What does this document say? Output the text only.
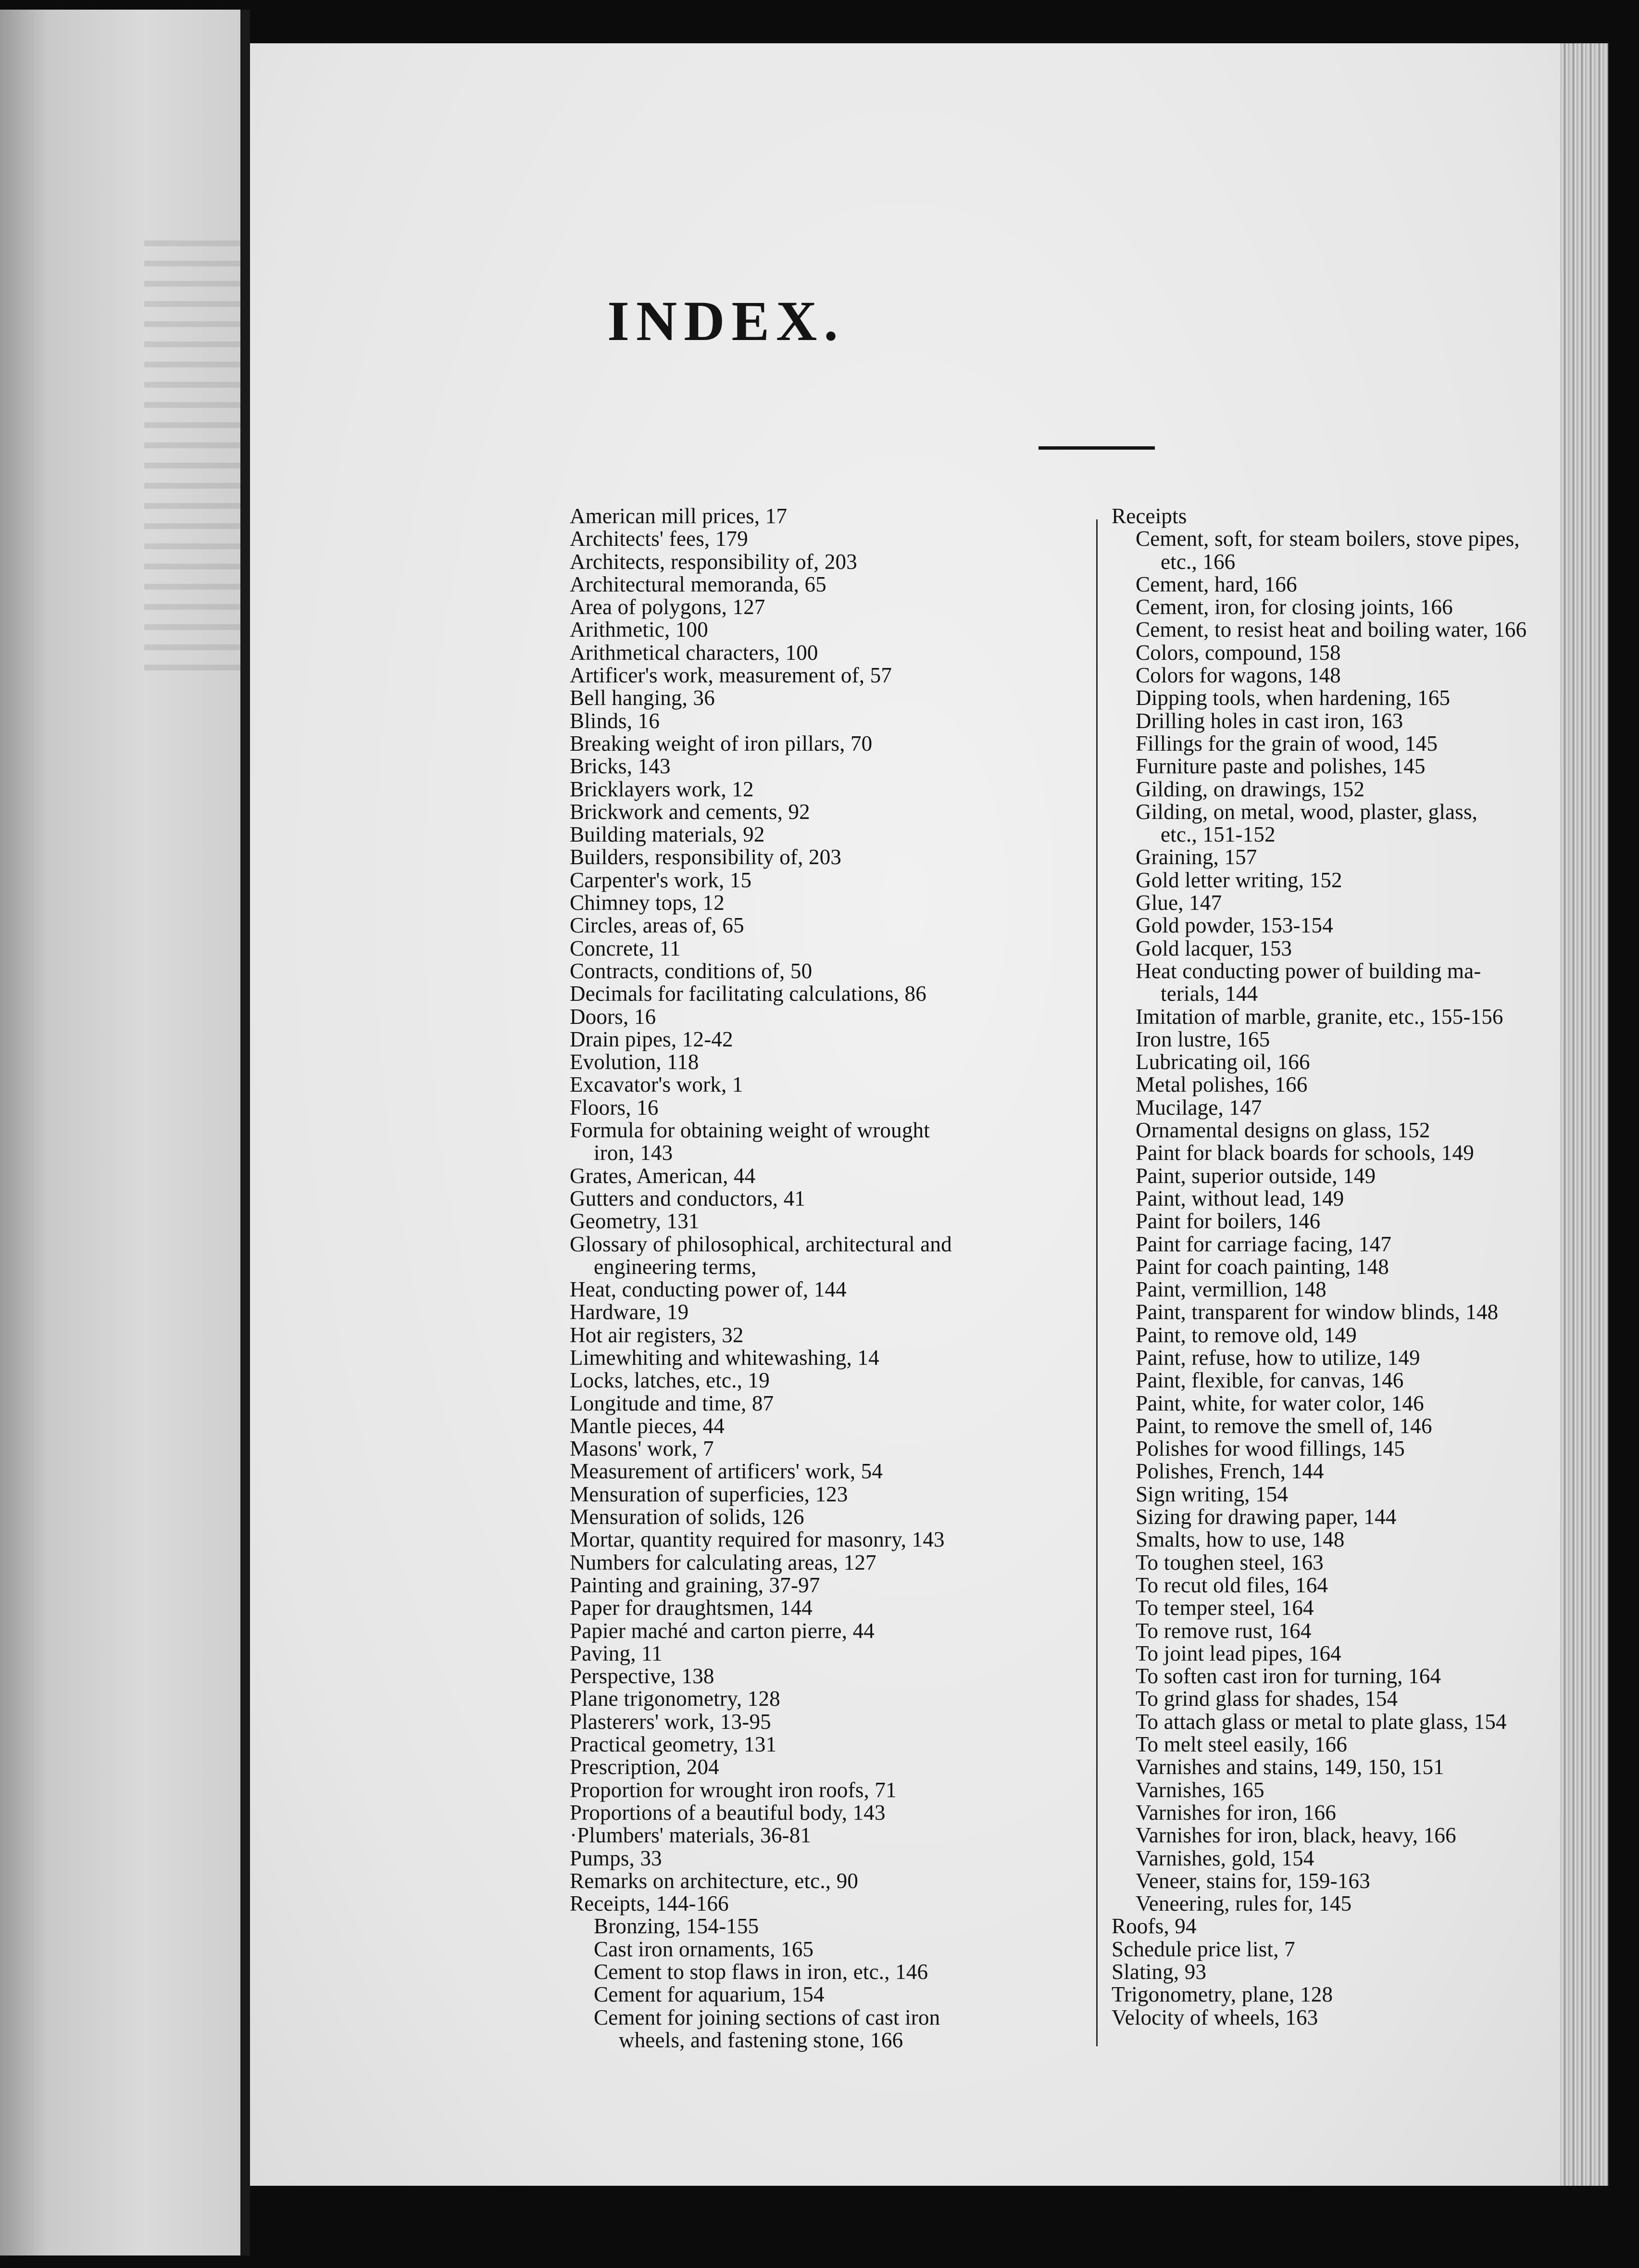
INDEX.
American mill prices, 17
Architects' fees, 179
Architects, responsibility of, 203
Architectural memoranda, 65
Area of polygons, 127
Arithmetic, 100
Arithmetical characters, 100
Artificer's work, measurement of, 57
Bell hanging, 36
Blinds, 16
Breaking weight of iron pillars, 70
Bricks, 143
Bricklayers work, 12
Brickwork and cements, 92
Building materials, 92
Builders, responsibility of, 203
Carpenter's work, 15
Chimney tops, 12
Circles, areas of, 65
Concrete, 11
Contracts, conditions of, 50
Decimals for facilitating calculations, 86
Doors, 16
Drain pipes, 12-42
Evolution, 118
Excavator's work, 1
Floors, 16
Formula for obtaining weight of wrought
iron, 143
Grates, American, 44
Gutters and conductors, 41
Geometry, 131
Glossary of philosophical, architectural and
engineering terms,
Heat, conducting power of, 144
Hardware, 19
Hot air registers, 32
Limewhiting and whitewashing, 14
Locks, latches, etc., 19
Longitude and time, 87
Mantle pieces, 44
Masons' work, 7
Measurement of artificers' work, 54
Mensuration of superficies, 123
Mensuration of solids, 126
Mortar, quantity required for masonry, 143
Numbers for calculating areas, 127
Painting and graining, 37-97
Paper for draughtsmen, 144
Papier maché and carton pierre, 44
Paving, 11
Perspective, 138
Plane trigonometry, 128
Plasterers' work, 13-95
Practical geometry, 131
Prescription, 204
Proportion for wrought iron roofs, 71
Proportions of a beautiful body, 143
·Plumbers' materials, 36-81
Pumps, 33
Remarks on architecture, etc., 90
Receipts, 144-166
Bronzing, 154-155
Cast iron ornaments, 165
Cement to stop flaws in iron, etc., 146
Cement for aquarium, 154
Cement for joining sections of cast iron
wheels, and fastening stone, 166
Receipts
Cement, soft, for steam boilers, stove pipes,
etc., 166
Cement, hard, 166
Cement, iron, for closing joints, 166
Cement, to resist heat and boiling water, 166
Colors, compound, 158
Colors for wagons, 148
Dipping tools, when hardening, 165
Drilling holes in cast iron, 163
Fillings for the grain of wood, 145
Furniture paste and polishes, 145
Gilding, on drawings, 152
Gilding, on metal, wood, plaster, glass,
etc., 151-152
Graining, 157
Gold letter writing, 152
Glue, 147
Gold powder, 153-154
Gold lacquer, 153
Heat conducting power of building ma-
terials, 144
Imitation of marble, granite, etc., 155-156
Iron lustre, 165
Lubricating oil, 166
Metal polishes, 166
Mucilage, 147
Ornamental designs on glass, 152
Paint for black boards for schools, 149
Paint, superior outside, 149
Paint, without lead, 149
Paint for boilers, 146
Paint for carriage facing, 147
Paint for coach painting, 148
Paint, vermillion, 148
Paint, transparent for window blinds, 148
Paint, to remove old, 149
Paint, refuse, how to utilize, 149
Paint, flexible, for canvas, 146
Paint, white, for water color, 146
Paint, to remove the smell of, 146
Polishes for wood fillings, 145
Polishes, French, 144
Sign writing, 154
Sizing for drawing paper, 144
Smalts, how to use, 148
To toughen steel, 163
To recut old files, 164
To temper steel, 164
To remove rust, 164
To joint lead pipes, 164
To soften cast iron for turning, 164
To grind glass for shades, 154
To attach glass or metal to plate glass, 154
To melt steel easily, 166
Varnishes and stains, 149, 150, 151
Varnishes, 165
Varnishes for iron, 166
Varnishes for iron, black, heavy, 166
Varnishes, gold, 154
Veneer, stains for, 159-163
Veneering, rules for, 145
Roofs, 94
Schedule price list, 7
Slating, 93
Trigonometry, plane, 128
Velocity of wheels, 163
